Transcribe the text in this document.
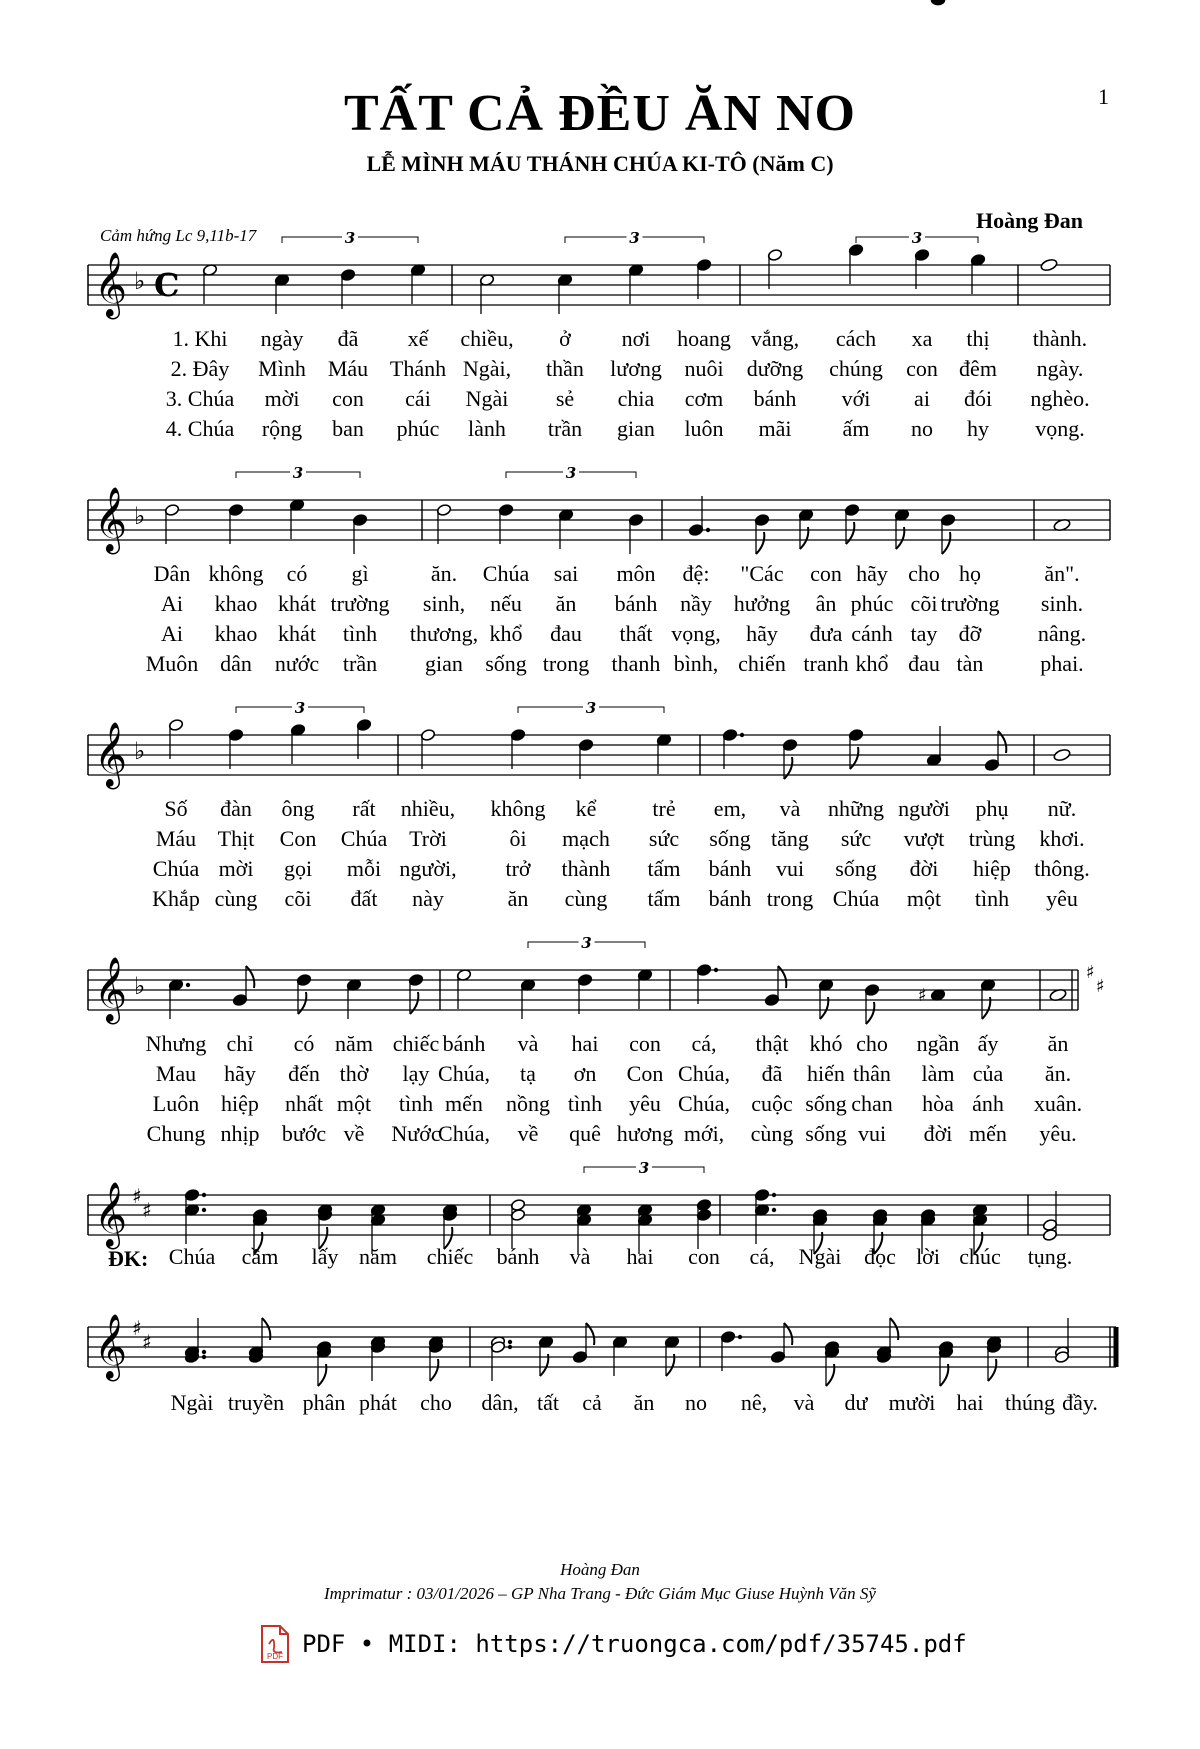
TẤT CẢ ĐỀU ĂN NO
LỄ MÌNH MÁU THÁNH CHÚA KI-TÔ (Năm C)
1
Hoàng Đan
Cảm hứng Lc 9,11b-17
𝄞 ♭ C
3	3	3
𝄞 ♭
3	3
𝄞 ♭
3	3
𝄞 ♭	♯
♯
♯
3
𝄞 ♯
♯
3
𝄞 ♯
♯
1. Khi ngày đã xế chiều, ở nơi hoang vắng, cách xa thị thành.
2. Đây Mình Máu Thánh Ngài, thần lương nuôi dưỡng chúng con đêm ngày.
3. Chúa mời con cái Ngài sẻ chia cơm bánh với ai đói nghèo.
4. Chúa rộng ban phúc lành trần gian luôn mãi ấm no hy vọng.
Dân không có gì	ăn. Chúa sai môn đệ: "Các con hãy cho họ	ăn".
Ai khao khát trường sinh, nếu ăn bánh nầy hưởng ân phúc cõi trường sinh.
Ai khao khát tình thương, khổ đau thất vọng, hãy đưa cánh tay đỡ	nâng.
Muôn dân nước trần gian sống trong thanh bình, chiến tranh khổ đau tàn	phai.
Số đàn ông rất nhiều, không kể	trẻ em, và những người phụ nữ.
Máu Thịt Con Chúa Trời	ôi mạch sức sống tăng sức vượt trùng khơi.
Chúa mời gọi mỗi người, trở thành tấm bánh vui sống đời hiệp thông.
Khắp cùng cõi đất này	ăn cùng tấm bánh trong Chúa một tình yêu
Nhưng chỉ có năm chiếc bánh và hai con cá, thật khó cho ngần ấy ăn
Mau hãy đến thờ lạy Chúa, tạ ơn Con Chúa, đã hiến thân làm của ăn.
Luôn hiệp nhất một tình mến nồng tình yêu Chúa, cuộc sống chan hòa ánh xuân.
Chung nhịp bước về Nước
Chúa, về quê hương mới, cùng sống vui đời mến yêu.
Chúa cầm lấy năm chiếc bánh và hai con cá, Ngài đọc lời chúc tụng.
Ngài truyền phân phát cho dân, tất cả ăn no nê, và dư mười hai thúng đầy.
ĐK:
Hoàng Đan
Imprimatur : 03/01/2026 – GP Nha Trang - Đức Giám Mục Giuse Huỳnh Văn Sỹ
PDF PDF • MIDI: https://truongca.com/pdf/35745.pdf
